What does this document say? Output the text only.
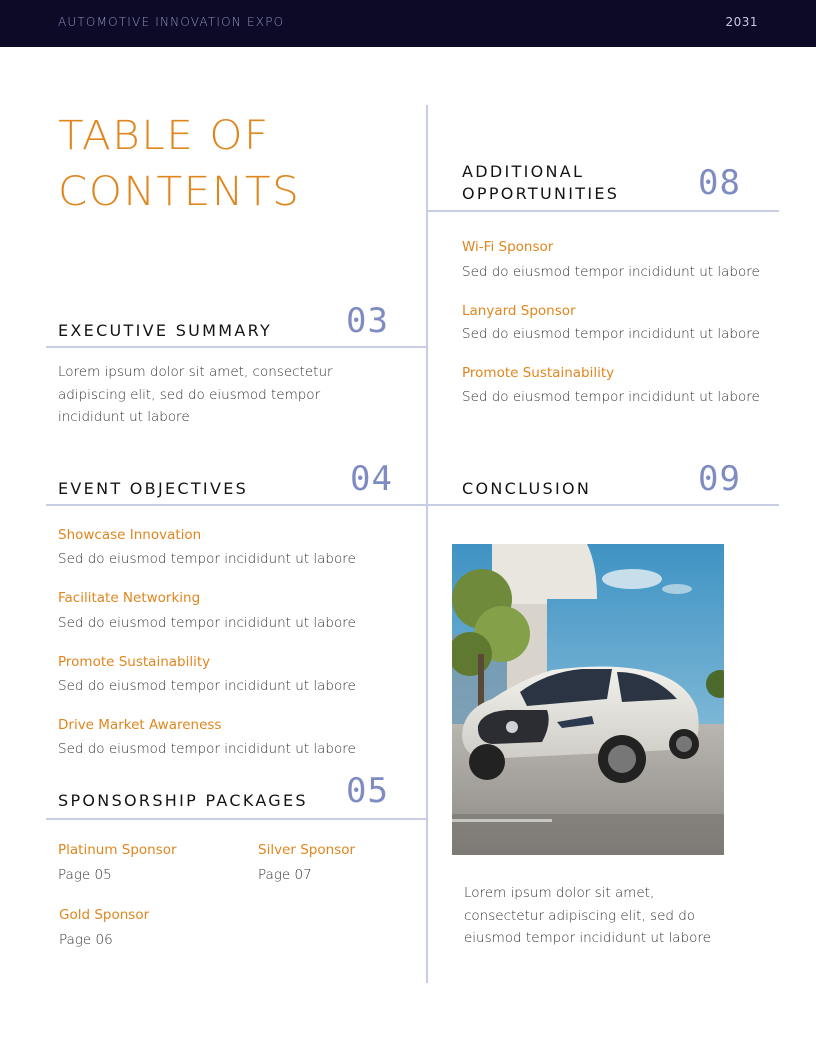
AUTOMOTIVE INNOVATION EXPO	2031
TABLE OF
CONTENTS
EXECUTIVE SUMMARY 03
Lorem ipsum dolor sit amet, consectetur
adipiscing elit, sed do eiusmod tempor
incididunt ut labore
EVENT OBJECTIVES	04
Showcase Innovation
Sed do eiusmod tempor incididunt ut labore
Facilitate Networking
Sed do eiusmod tempor incididunt ut labore
Promote Sustainability
Sed do eiusmod tempor incididunt ut labore
Drive Market Awareness
Sed do eiusmod tempor incididunt ut labore
SPONSORSHIP PACKAGES 05
Platinum Sponsor
Page 05
Silver Sponsor
Page 07
Gold Sponsor
Page 06
ADDITIONAL
OPPORTUNITIES 08
Wi-Fi Sponsor
Sed do eiusmod tempor incididunt ut labore
Lanyard Sponsor
Sed do eiusmod tempor incididunt ut labore
Promote Sustainability
Sed do eiusmod tempor incididunt ut labore
CONCLUSION	09
Lorem ipsum dolor sit amet,
consectetur adipiscing elit, sed do
eiusmod tempor incididunt ut labore
